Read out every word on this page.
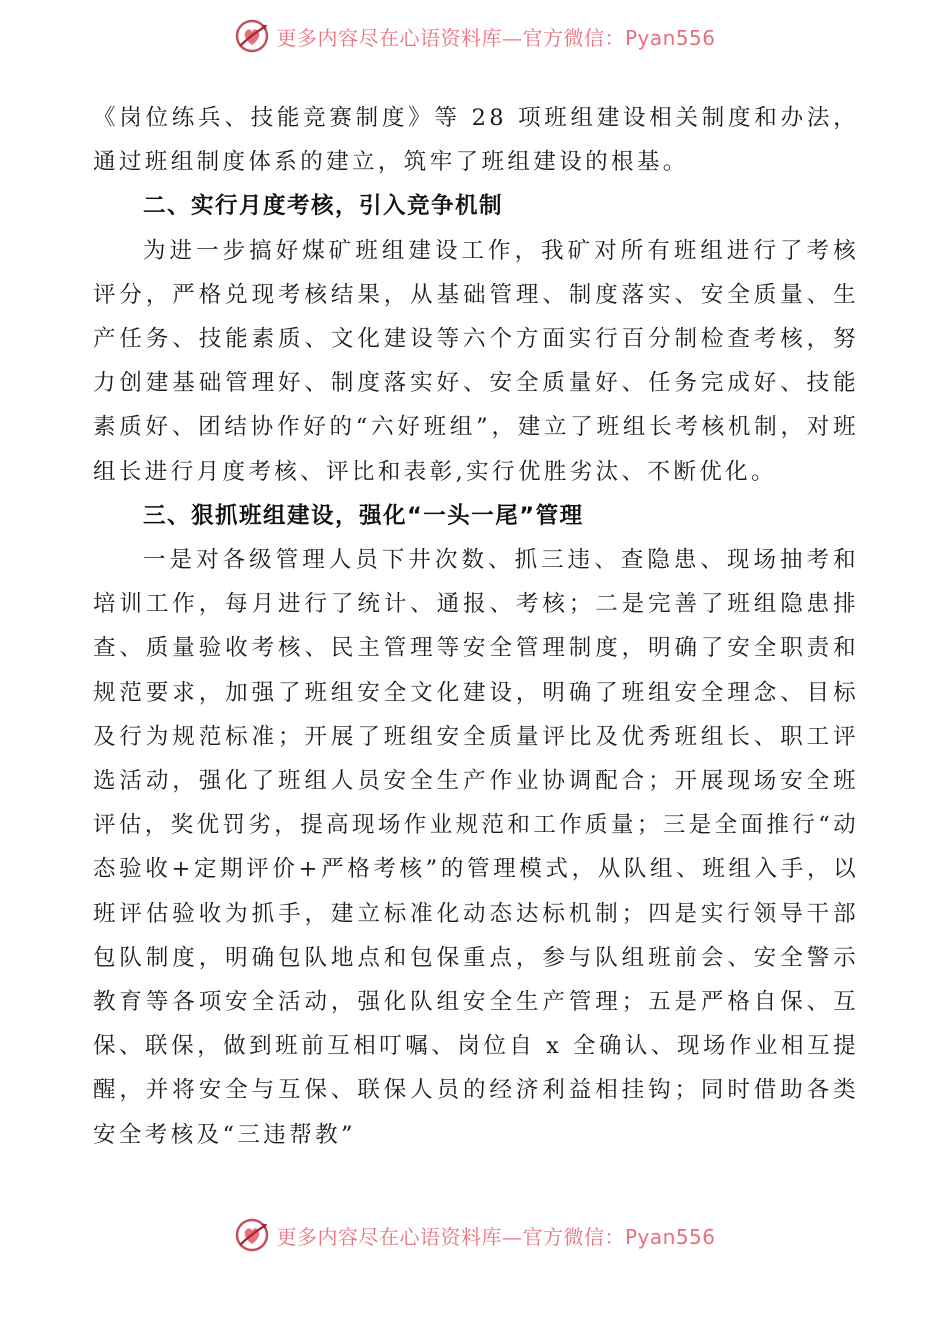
更多内容尽在心语资料库—官方微信：Pyan556

《岗位练兵、技能竞赛制度》等 28 项班组建设相关制度和办法，通过班组制度体系的建立，筑牢了班组建设的根基。

二、实行月度考核，引入竞争机制

为进一步搞好煤矿班组建设工作，我矿对所有班组进行了考核评分，严格兑现考核结果，从基础管理、制度落实、安全质量、生产任务、技能素质、文化建设等六个方面实行百分制检查考核，努力创建基础管理好、制度落实好、安全质量好、任务完成好、技能素质好、团结协作好的“六好班组”，建立了班组长考核机制，对班组长进行月度考核、评比和表彰,实行优胜劣汰、不断优化。

三、狠抓班组建设，强化“一头一尾”管理

一是对各级管理人员下井次数、抓三违、查隐患、现场抽考和培训工作，每月进行了统计、通报、考核；二是完善了班组隐患排查、质量验收考核、民主管理等安全管理制度，明确了安全职责和规范要求，加强了班组安全文化建设，明确了班组安全理念、目标及行为规范标准；开展了班组安全质量评比及优秀班组长、职工评选活动，强化了班组人员安全生产作业协调配合；开展现场安全班评估，奖优罚劣，提高现场作业规范和工作质量；三是全面推行“动态验收+定期评价+严格考核”的管理模式，从队组、班组入手，以班评估验收为抓手，建立标准化动态达标机制；四是实行领导干部包队制度，明确包队地点和包保重点，参与队组班前会、安全警示教育等各项安全活动，强化队组安全生产管理；五是严格自保、互保、联保，做到班前互相叮嘱、岗位自 x 全确认、现场作业相互提醒，并将安全与互保、联保人员的经济利益相挂钩；同时借助各类安全考核及“三违帮教”

更多内容尽在心语资料库—官方微信：Pyan556
